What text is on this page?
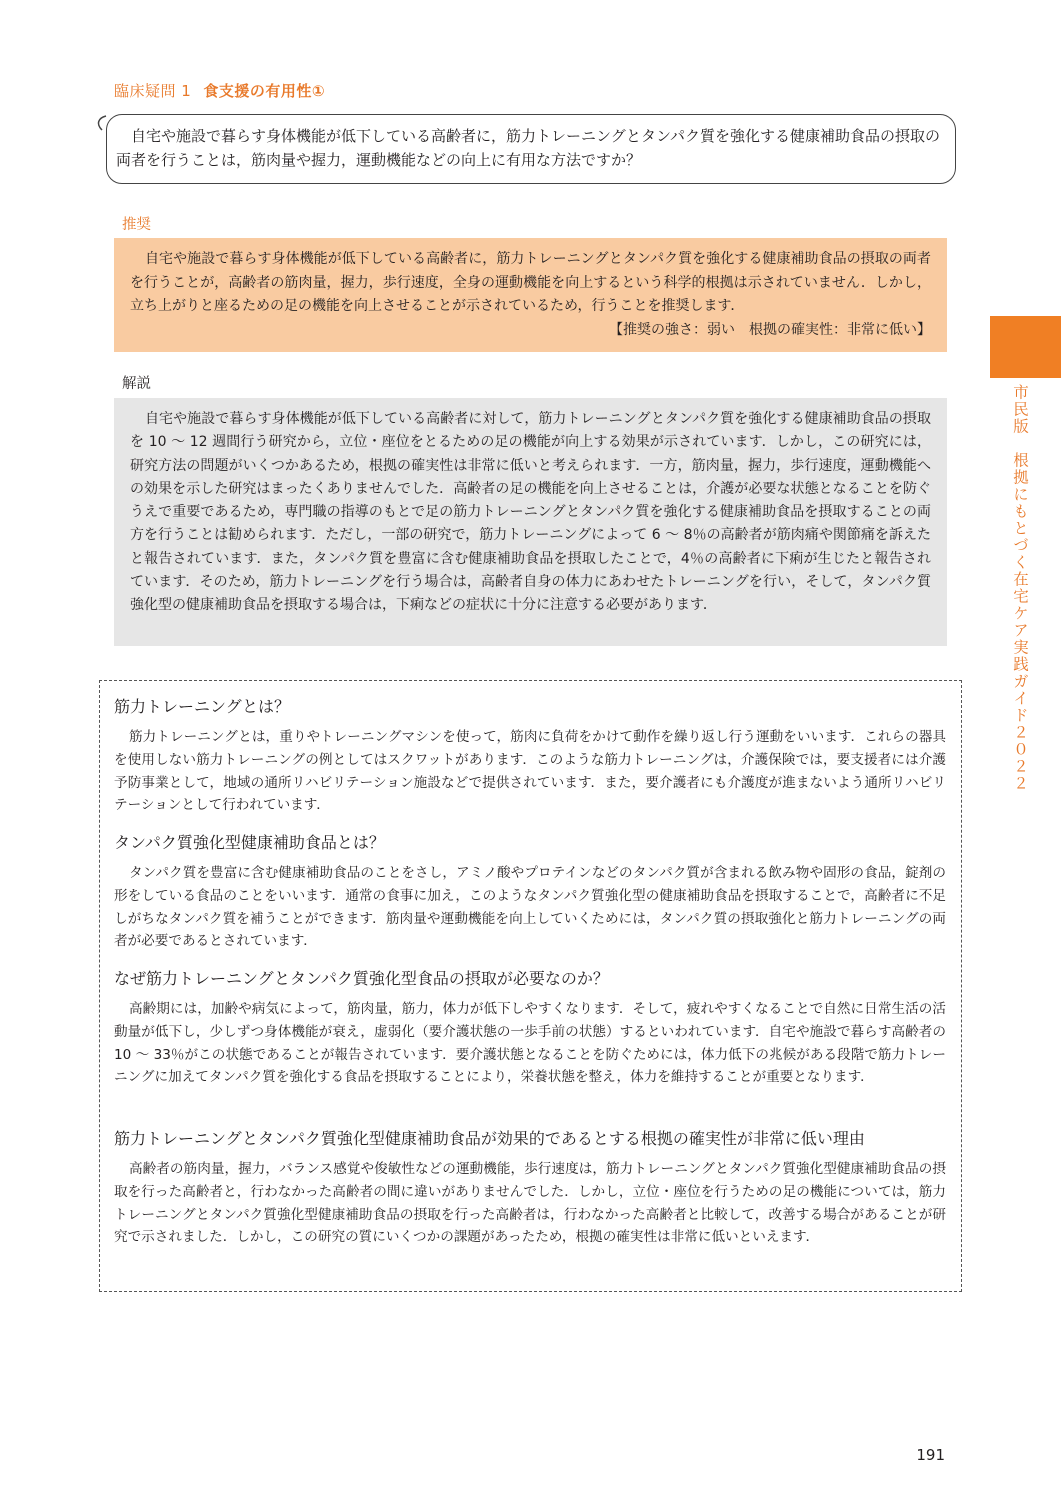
臨床疑問 1 食支援の有用性①
自宅や施設で暮らす身体機能が低下している高齢者に，筋力トレーニングとタンパク質を強化する健康補助食品の摂取の両者を行うことは，筋肉量や握力，運動機能などの向上に有用な方法ですか？
推奨

自宅や施設で暮らす身体機能が低下している高齢者に，筋力トレーニングとタンパク質を強化する健康補助食品の摂取の両者を行うことが，高齢者の筋肉量，握力，歩行速度，全身の運動機能を向上するという科学的根拠は示されていません．しかし，立ち上がりと座るための足の機能を向上させることが示されているため，行うことを推奨します．

【推奨の強さ：弱い　根拠の確実性：非常に低い】

解説

自宅や施設で暮らす身体機能が低下している高齢者に対して，筋力トレーニングとタンパク質を強化する健康補助食品の摂取を 10 〜 12 週間行う研究から，立位・座位をとるための足の機能が向上する効果が示されています．しかし，この研究には，研究方法の問題がいくつかあるため，根拠の確実性は非常に低いと考えられます．一方，筋肉量，握力，歩行速度，運動機能への効果を示した研究はまったくありませんでした．高齢者の足の機能を向上させることは，介護が必要な状態となることを防ぐうえで重要であるため，専門職の指導のもとで足の筋力トレーニングとタンパク質を強化する健康補助食品を摂取することの両方を行うことは勧められます．ただし，一部の研究で，筋力トレーニングによって 6 〜 8％の高齢者が筋肉痛や関節痛を訴えたと報告されています．また，タンパク質を豊富に含む健康補助食品を摂取したことで，4％の高齢者に下痢が生じたと報告されています．そのため，筋力トレーニングを行う場合は，高齢者自身の体力にあわせたトレーニングを行い，そして，タンパク質強化型の健康補助食品を摂取する場合は，下痢などの症状に十分に注意する必要があります．	市民版　根拠にもとづく在宅ケア実践ガイド２０２２
筋力トレーニングとは？
筋力トレーニングとは，重りやトレーニングマシンを使って，筋肉に負荷をかけて動作を繰り返し行う運動をいいます．これらの器具を使用しない筋力トレーニングの例としてはスクワットがあります．このような筋力トレーニングは，介護保険では，要支援者には介護予防事業として，地域の通所リハビリテーション施設などで提供されています．また，要介護者にも介護度が進まないよう通所リハビリテーションとして行われています．
タンパク質強化型健康補助食品とは？
タンパク質を豊富に含む健康補助食品のことをさし，アミノ酸やプロテインなどのタンパク質が含まれる飲み物や固形の食品，錠剤の形をしている食品のことをいいます．通常の食事に加え，このようなタンパク質強化型の健康補助食品を摂取することで，高齢者に不足しがちなタンパク質を補うことができます．筋肉量や運動機能を向上していくためには，タンパク質の摂取強化と筋力トレーニングの両者が必要であるとされています．
なぜ筋力トレーニングとタンパク質強化型食品の摂取が必要なのか？
高齢期には，加齢や病気によって，筋肉量，筋力，体力が低下しやすくなります．そして，疲れやすくなることで自然に日常生活の活動量が低下し，少しずつ身体機能が衰え，虚弱化（要介護状態の一歩手前の状態）するといわれています．自宅や施設で暮らす高齢者の 10 〜 33％がこの状態であることが報告されています．要介護状態となることを防ぐためには，体力低下の兆候がある段階で筋力トレーニングに加えてタンパク質を強化する食品を摂取することにより，栄養状態を整え，体力を維持することが重要となります．
筋力トレーニングとタンパク質強化型健康補助食品が効果的であるとする根拠の確実性が非常に低い理由
高齢者の筋肉量，握力，バランス感覚や俊敏性などの運動機能，歩行速度は，筋力トレーニングとタンパク質強化型健康補助食品の摂取を行った高齢者と，行わなかった高齢者の間に違いがありませんでした．しかし，立位・座位を行うための足の機能については，筋力トレーニングとタンパク質強化型健康補助食品の摂取を行った高齢者は，行わなかった高齢者と比較して，改善する場合があることが研究で示されました．しかし，この研究の質にいくつかの課題があったため，根拠の確実性は非常に低いといえます．
191
